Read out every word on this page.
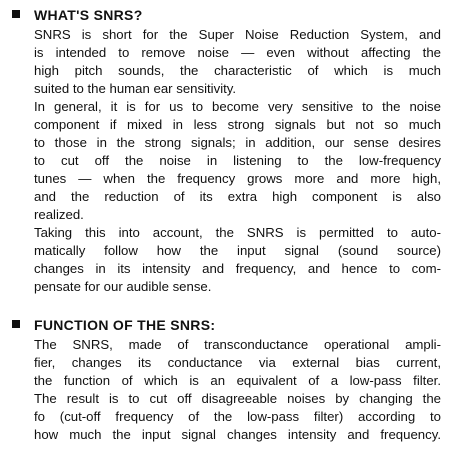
WHAT'S SNRS?
SNRS is short for the Super Noise Reduction System, and
is intended to remove noise — even without affecting the
high pitch sounds, the characteristic of which is much
suited to the human ear sensitivity.
In general, it is for us to become very sensitive to the noise
component if mixed in less strong signals but not so much
to those in the strong signals; in addition, our sense desires
to cut off the noise in listening to the low-frequency
tunes — when the frequency grows more and more high,
and the reduction of its extra high component is also
realized.
Taking this into account, the SNRS is permitted to auto-
matically follow how the input signal (sound source)
changes in its intensity and frequency, and hence to com-
pensate for our audible sense.
FUNCTION OF THE SNRS:
The SNRS, made of transconductance operational ampli-
fier, changes its conductance via external bias current,
the function of which is an equivalent of a low-pass filter.
The result is to cut off disagreeable noises by changing the
fo (cut-off frequency of the low-pass filter) according to
how much the input signal changes intensity and frequency.
